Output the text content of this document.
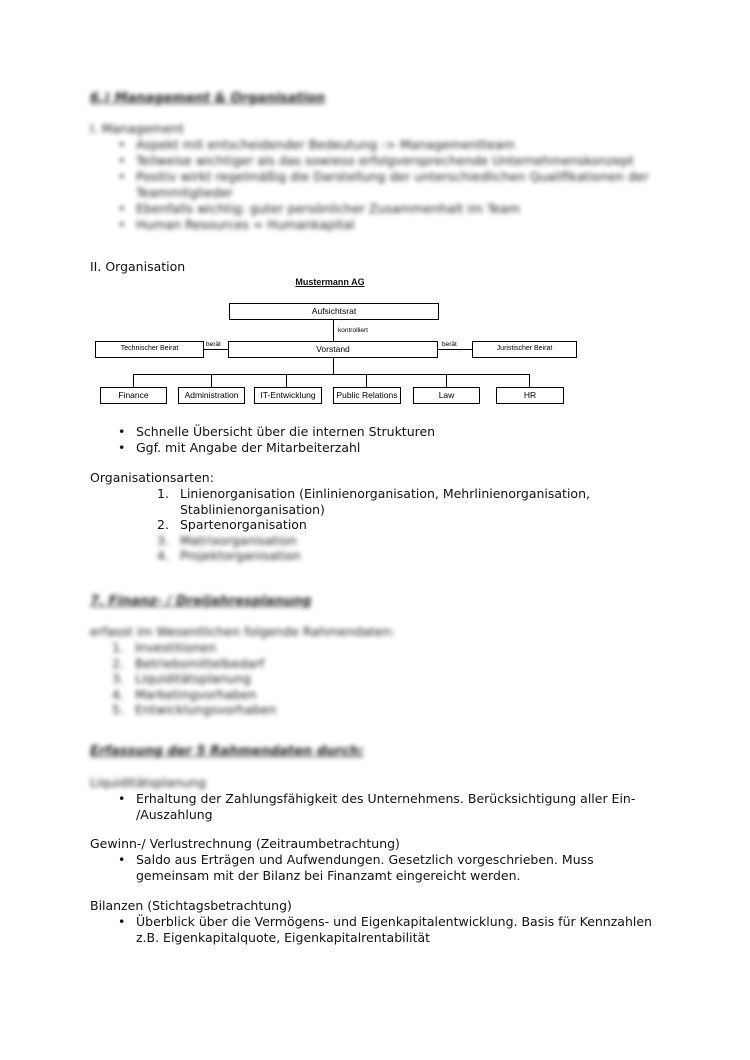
6.) Management & Organisation
I. Management
• Aspekt mit entscheidender Bedeutung -> Managementteam
• Teilweise wichtiger als das sowieso erfolgversprechende Unternehmenskonzept
• Positiv wirkt regelmäßig die Darstellung der unterschiedlichen Qualifikationen der
Teammitglieder
• Ebenfalls wichtig: guter persönlicher Zusammenhalt im Team
• Human Resources = Humankapital
II. Organisation
Mustermann AG
Aufsichtsrat
kontrolliert
Vorstand
Technischer Beirat
berät
Juristischer Beirat
berät
Finance	Administration	IT-Entwicklung	Public Relations	Law	HR
• Schnelle Übersicht über die internen Strukturen
• Ggf. mit Angabe der Mitarbeiterzahl
Organisationsarten:
1. Linienorganisation (Einlinienorganisation, Mehrlinienorganisation,
Stablinienorganisation)
2. Spartenorganisation
3. Matrixorganisation
4. Projektorganisation
7. Finanz- / Dreijahresplanung
erfasst im Wesentlichen folgende Rahmendaten:
1. Investitionen
2. Betriebsmittelbedarf
3. Liquiditätsplanung
4. Marketingvorhaben
5. Entwicklungsvorhaben
Erfassung der 5 Rahmendaten durch:
Liquiditätsplanung
• Erhaltung der Zahlungsfähigkeit des Unternehmens. Berücksichtigung aller Ein-
/Auszahlung
Gewinn-/ Verlustrechnung (Zeitraumbetrachtung)
• Saldo aus Erträgen und Aufwendungen. Gesetzlich vorgeschrieben. Muss
gemeinsam mit der Bilanz bei Finanzamt eingereicht werden.
Bilanzen (Stichtagsbetrachtung)
• Überblick über die Vermögens- und Eigenkapitalentwicklung. Basis für Kennzahlen
z.B. Eigenkapitalquote, Eigenkapitalrentabilität
